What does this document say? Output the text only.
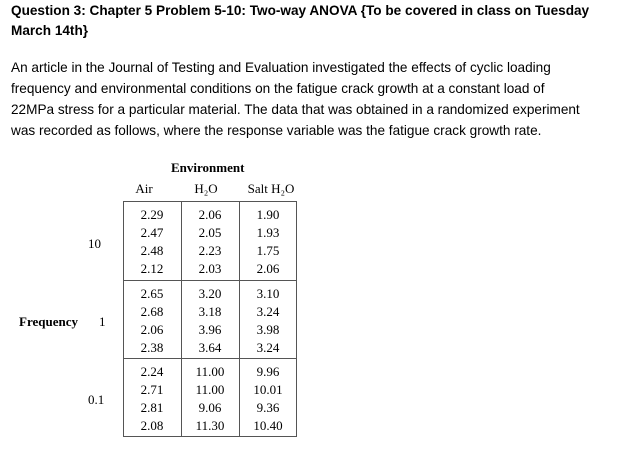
Question 3: Chapter 5 Problem 5-10: Two-way ANOVA {To be covered in class on Tuesday
March 14th}
An article in the Journal of Testing and Evaluation investigated the effects of cyclic loading
frequency and environmental conditions on the fatigue crack growth at a constant load of
22MPa stress for a particular material. The data that was obtained in a randomized experiment
was recorded as follows, where the response variable was the fatigue crack growth rate.
Environment
Air	H₂O	Salt H₂O
10
Frequency 1
0.1
2.29
2.47
2.48
2.12
2.06
2.05
2.23
2.03
1.90
1.93
1.75
2.06
2.65
2.68
2.06
2.38
3.20
3.18
3.96
3.64
3.10
3.24
3.98
3.24
2.24
2.71
2.81
2.08
11.00
11.00
9.06
11.30
9.96
10.01
9.36
10.40
